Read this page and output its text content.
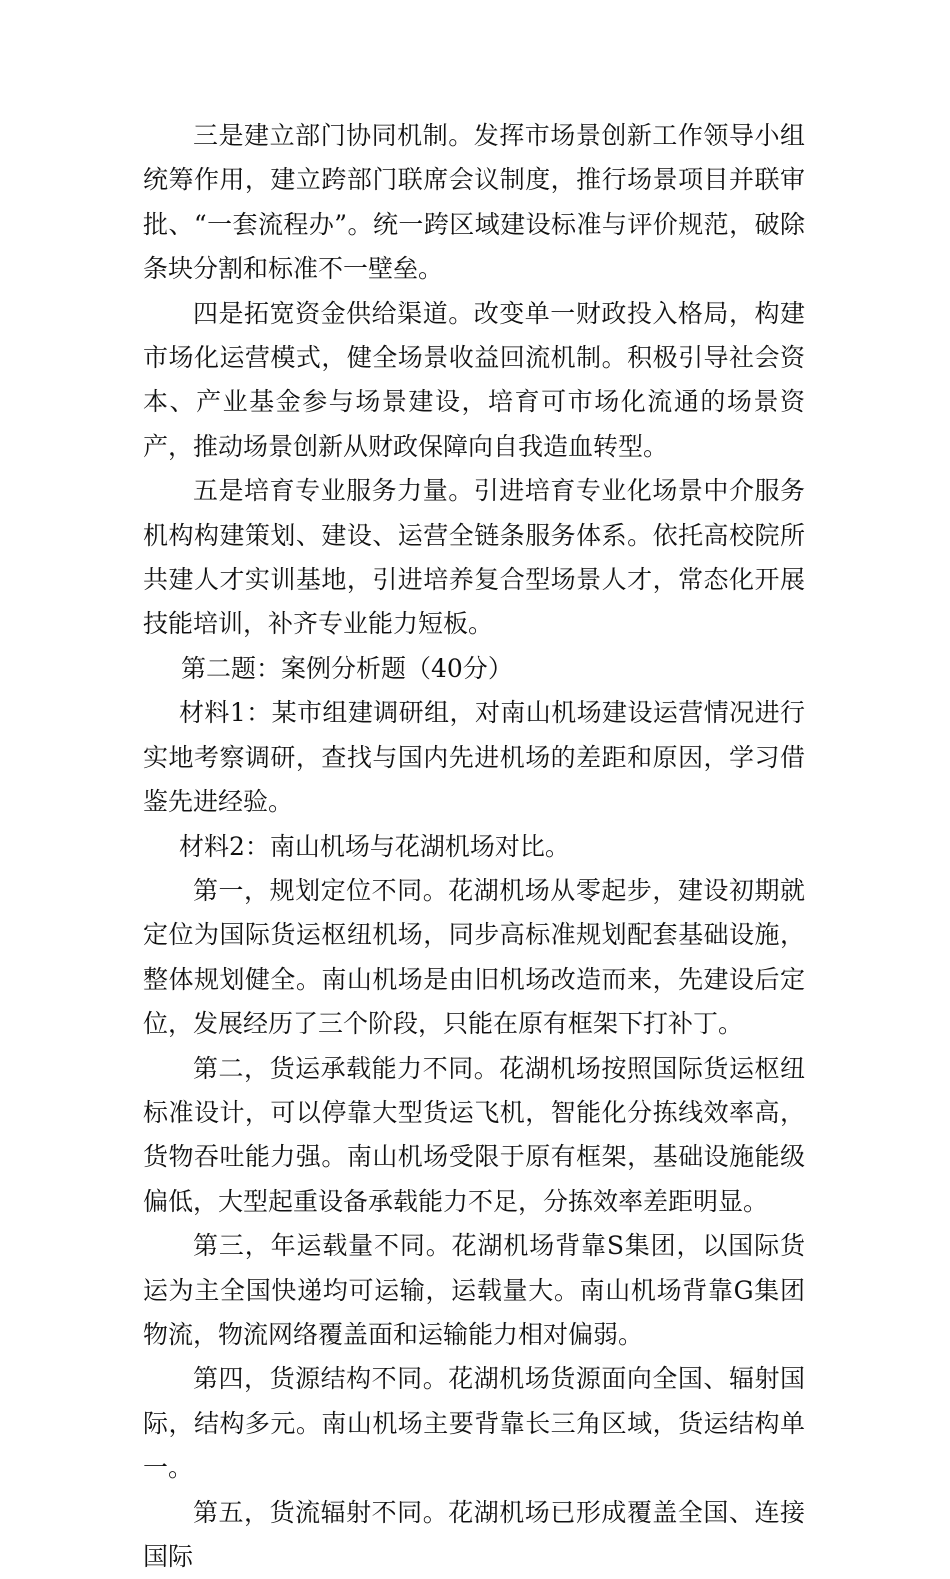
三是建立部门协同机制。发挥市场景创新工作领导小组统筹作用，建立跨部门联席会议制度，推行场景项目并联审批、“一套流程办”。统一跨区域建设标准与评价规范，破除条块分割和标准不一壁垒。

四是拓宽资金供给渠道。改变单一财政投入格局，构建市场化运营模式，健全场景收益回流机制。积极引导社会资本、产业基金参与场景建设，培育可市场化流通的场景资产，推动场景创新从财政保障向自我造血转型。

五是培育专业服务力量。引进培育专业化场景中介服务机构构建策划、建设、运营全链条服务体系。依托高校院所共建人才实训基地，引进培养复合型场景人才，常态化开展技能培训，补齐专业能力短板。

第二题：案例分析题（40分）

材料1：某市组建调研组，对南山机场建设运营情况进行实地考察调研，查找与国内先进机场的差距和原因，学习借鉴先进经验。

材料2：南山机场与花湖机场对比。

第一，规划定位不同。花湖机场从零起步，建设初期就定位为国际货运枢纽机场，同步高标准规划配套基础设施，整体规划健全。南山机场是由旧机场改造而来，先建设后定位，发展经历了三个阶段，只能在原有框架下打补丁。

第二，货运承载能力不同。花湖机场按照国际货运枢纽标准设计，可以停靠大型货运飞机，智能化分拣线效率高，货物吞吐能力强。南山机场受限于原有框架，基础设施能级偏低，大型起重设备承载能力不足，分拣效率差距明显。

第三，年运载量不同。花湖机场背靠S集团，以国际货运为主全国快递均可运输，运载量大。南山机场背靠G集团物流，物流网络覆盖面和运输能力相对偏弱。

第四，货源结构不同。花湖机场货源面向全国、辐射国际，结构多元。南山机场主要背靠长三角区域，货运结构单一。

第五，货流辐射不同。花湖机场已形成覆盖全国、连接国际
